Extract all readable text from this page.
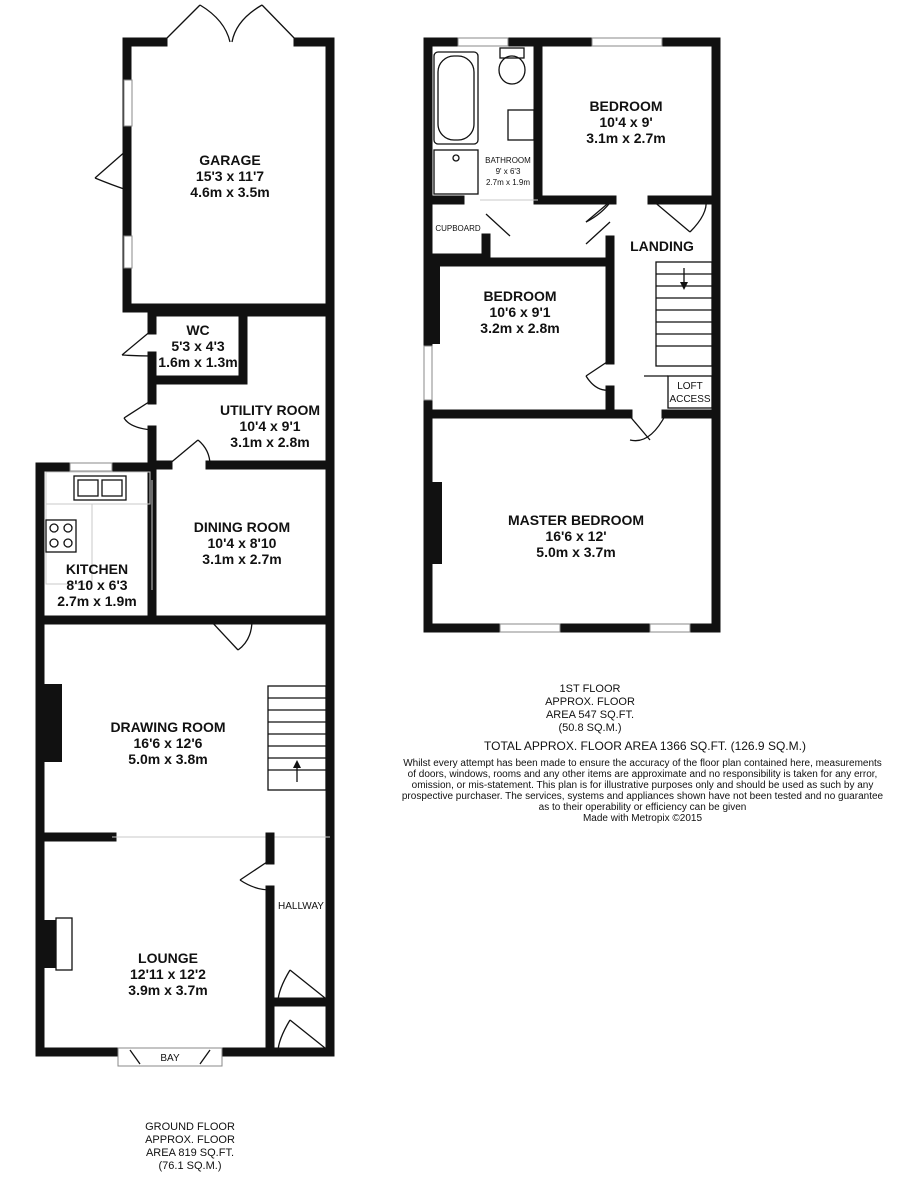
GARAGE
15'3 x 11'7
4.6m x 3.5m
WC
5'3 x 4'3
1.6m x 1.3m
UTILITY ROOM
10'4 x 9'1
3.1m x 2.8m
KITCHEN
8'10 x 6'3
2.7m x 1.9m
DINING ROOM
10'4 x 8'10
3.1m x 2.7m
BAY
DRAWING ROOM
16'6 x 12'6
5.0m x 3.8m
LOUNGE
12'11 x 12'2
3.9m x 3.7m
HALLWAY
BATHROOM
9' x 6'3
2.7m x 1.9m
CUPBOARD
BEDROOM
10'4 x 9'
3.1m x 2.7m
LOFT
ACCESS
LANDING
BEDROOM
10'6 x 9'1
3.2m x 2.8m
MASTER BEDROOM
16'6 x 12'
5.0m x 3.7m
1ST FLOOR
APPROX. FLOOR
AREA 547 SQ.FT.
(50.8 SQ.M.)
TOTAL APPROX. FLOOR AREA 1366 SQ.FT. (126.9 SQ.M.)
Whilst every attempt has been made to ensure the accuracy of the floor plan contained here, measurements
of doors, windows, rooms and any other items are approximate and no responsibility is taken for any error,
omission, or mis-statement. This plan is for illustrative purposes only and should be used as such by any
prospective purchaser. The services, systems and appliances shown have not been tested and no guarantee
as to their operability or efficiency can be given
Made with Metropix ©2015
GROUND FLOOR
APPROX. FLOOR
AREA 819 SQ.FT.
(76.1 SQ.M.)
